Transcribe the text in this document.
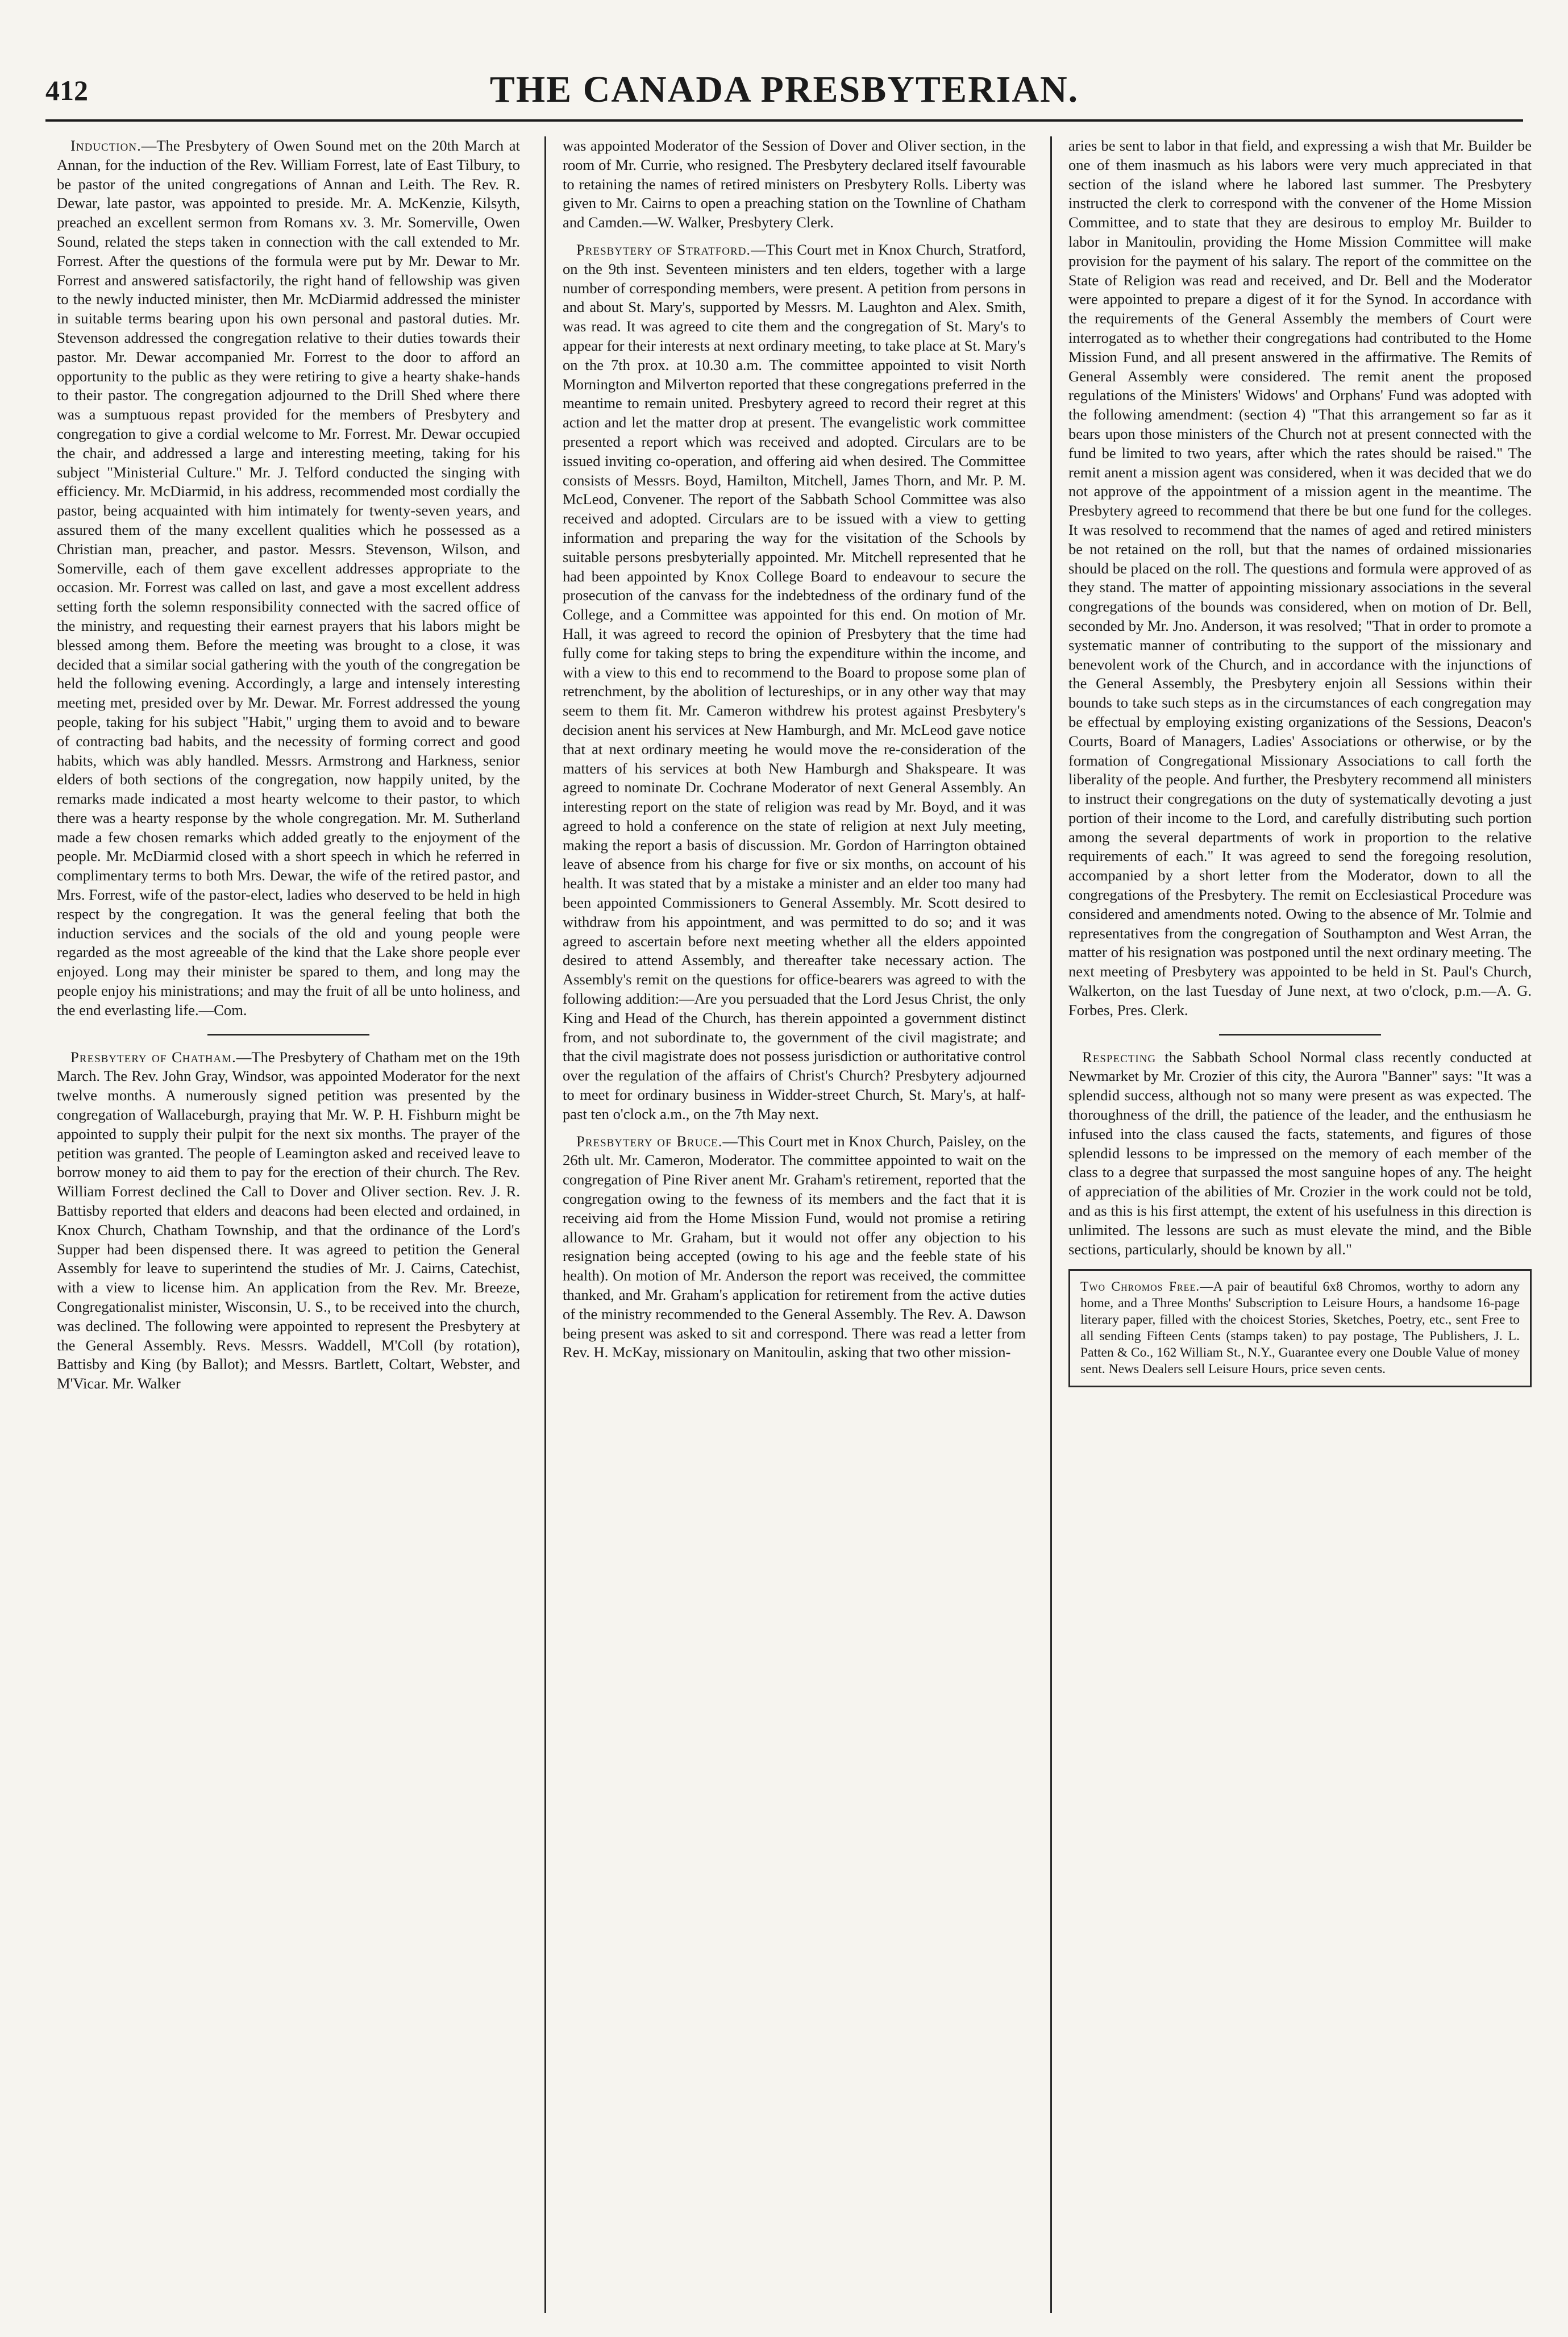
412	THE CANADA PRESBYTERIAN.

Induction.—The Presbytery of Owen Sound met on the 20th March at Annan, for the induction of the Rev. William Forrest, late of East Tilbury, to be pastor of the united congregations of Annan and Leith. The Rev. R. Dewar, late pastor, was appointed to preside. Mr. A. McKenzie, Kilsyth, preached an excellent sermon from Romans xv. 3. Mr. Somerville, Owen Sound, related the steps taken in connection with the call extended to Mr. Forrest. After the questions of the formula were put by Mr. Dewar to Mr. Forrest and answered satisfactorily, the right hand of fellowship was given to the newly inducted minister, then Mr. McDiarmid addressed the minister in suitable terms bearing upon his own personal and pastoral duties. Mr. Stevenson addressed the congregation relative to their duties towards their pastor. Mr. Dewar accompanied Mr. Forrest to the door to afford an opportunity to the public as they were retiring to give a hearty shake-hands to their pastor. The congregation adjourned to the Drill Shed where there was a sumptuous repast provided for the members of Presbytery and congregation to give a cordial welcome to Mr. Forrest. Mr. Dewar occupied the chair, and addressed a large and interesting meeting, taking for his subject "Ministerial Culture." Mr. J. Telford conducted the singing with efficiency. Mr. McDiarmid, in his address, recommended most cordially the pastor, being acquainted with him intimately for twenty-seven years, and assured them of the many excellent qualities which he possessed as a Christian man, preacher, and pastor. Messrs. Stevenson, Wilson, and Somerville, each of them gave excellent addresses appropriate to the occasion. Mr. Forrest was called on last, and gave a most excellent address setting forth the solemn responsibility connected with the sacred office of the ministry, and requesting their earnest prayers that his labors might be blessed among them. Before the meeting was brought to a close, it was decided that a similar social gathering with the youth of the congregation be held the following evening. Accordingly, a large and intensely interesting meeting met, presided over by Mr. Dewar. Mr. Forrest addressed the young people, taking for his subject "Habit," urging them to avoid and to beware of contracting bad habits, and the necessity of forming correct and good habits, which was ably handled. Messrs. Armstrong and Harkness, senior elders of both sections of the congregation, now happily united, by the remarks made indicated a most hearty welcome to their pastor, to which there was a hearty response by the whole congregation. Mr. M. Sutherland made a few chosen remarks which added greatly to the enjoyment of the people. Mr. McDiarmid closed with a short speech in which he referred in complimentary terms to both Mrs. Dewar, the wife of the retired pastor, and Mrs. Forrest, wife of the pastor-elect, ladies who deserved to be held in high respect by the congregation. It was the general feeling that both the induction services and the socials of the old and young people were regarded as the most agreeable of the kind that the Lake shore people ever enjoyed. Long may their minister be spared to them, and long may the people enjoy his ministrations; and may the fruit of all be unto holiness, and the end everlasting life.—Com.

Presbytery of Chatham.—The Presbytery of Chatham met on the 19th March. The Rev. John Gray, Windsor, was appointed Moderator for the next twelve months. A numerously signed petition was presented by the congregation of Wallaceburgh, praying that Mr. W. P. H. Fishburn might be appointed to supply their pulpit for the next six months. The prayer of the petition was granted. The people of Leamington asked and received leave to borrow money to aid them to pay for the erection of their church. The Rev. William Forrest declined the Call to Dover and Oliver section. Rev. J. R. Battisby reported that elders and deacons had been elected and ordained, in Knox Church, Chatham Township, and that the ordinance of the Lord's Supper had been dispensed there. It was agreed to petition the General Assembly for leave to superintend the studies of Mr. J. Cairns, Catechist, with a view to license him. An application from the Rev. Mr. Breeze, Congregationalist minister, Wisconsin, U. S., to be received into the church, was declined. The following were appointed to represent the Presbytery at the General Assembly. Revs. Messrs. Waddell, M'Coll (by rotation), Battisby and King (by Ballot); and Messrs. Bartlett, Coltart, Webster, and M'Vicar. Mr. Walker

was appointed Moderator of the Session of Dover and Oliver section, in the room of Mr. Currie, who resigned. The Presbytery declared itself favourable to retaining the names of retired ministers on Presbytery Rolls. Liberty was given to Mr. Cairns to open a preaching station on the Townline of Chatham and Camden.—W. Walker, Presbytery Clerk.

Presbytery of Stratford.—This Court met in Knox Church, Stratford, on the 9th inst. Seventeen ministers and ten elders, together with a large number of corresponding members, were present. A petition from persons in and about St. Mary's, supported by Messrs. M. Laughton and Alex. Smith, was read. It was agreed to cite them and the congregation of St. Mary's to appear for their interests at next ordinary meeting, to take place at St. Mary's on the 7th prox. at 10.30 a.m. The committee appointed to visit North Mornington and Milverton reported that these congregations preferred in the meantime to remain united. Presbytery agreed to record their regret at this action and let the matter drop at present. The evangelistic work committee presented a report which was received and adopted. Circulars are to be issued inviting co-operation, and offering aid when desired. The Committee consists of Messrs. Boyd, Hamilton, Mitchell, James Thorn, and Mr. P. M. McLeod, Convener. The report of the Sabbath School Committee was also received and adopted. Circulars are to be issued with a view to getting information and preparing the way for the visitation of the Schools by suitable persons presbyterially appointed. Mr. Mitchell represented that he had been appointed by Knox College Board to endeavour to secure the prosecution of the canvass for the indebtedness of the ordinary fund of the College, and a Committee was appointed for this end. On motion of Mr. Hall, it was agreed to record the opinion of Presbytery that the time had fully come for taking steps to bring the expenditure within the income, and with a view to this end to recommend to the Board to propose some plan of retrenchment, by the abolition of lectureships, or in any other way that may seem to them fit. Mr. Cameron withdrew his protest against Presbytery's decision anent his services at New Hamburgh, and Mr. McLeod gave notice that at next ordinary meeting he would move the re-consideration of the matters of his services at both New Hamburgh and Shakspeare. It was agreed to nominate Dr. Cochrane Moderator of next General Assembly. An interesting report on the state of religion was read by Mr. Boyd, and it was agreed to hold a conference on the state of religion at next July meeting, making the report a basis of discussion. Mr. Gordon of Harrington obtained leave of absence from his charge for five or six months, on account of his health. It was stated that by a mistake a minister and an elder too many had been appointed Commissioners to General Assembly. Mr. Scott desired to withdraw from his appointment, and was permitted to do so; and it was agreed to ascertain before next meeting whether all the elders appointed desired to attend Assembly, and thereafter take necessary action. The Assembly's remit on the questions for office-bearers was agreed to with the following addition:—Are you persuaded that the Lord Jesus Christ, the only King and Head of the Church, has therein appointed a government distinct from, and not subordinate to, the government of the civil magistrate; and that the civil magistrate does not possess jurisdiction or authoritative control over the regulation of the affairs of Christ's Church? Presbytery adjourned to meet for ordinary business in Widder-street Church, St. Mary's, at half-past ten o'clock a.m., on the 7th May next.

Presbytery of Bruce.—This Court met in Knox Church, Paisley, on the 26th ult. Mr. Cameron, Moderator. The committee appointed to wait on the congregation of Pine River anent Mr. Graham's retirement, reported that the congregation owing to the fewness of its members and the fact that it is receiving aid from the Home Mission Fund, would not promise a retiring allowance to Mr. Graham, but it would not offer any objection to his resignation being accepted (owing to his age and the feeble state of his health). On motion of Mr. Anderson the report was received, the committee thanked, and Mr. Graham's application for retirement from the active duties of the ministry recommended to the General Assembly. The Rev. A. Dawson being present was asked to sit and correspond. There was read a letter from Rev. H. McKay, missionary on Manitoulin, asking that two other mission-

aries be sent to labor in that field, and expressing a wish that Mr. Builder be one of them inasmuch as his labors were very much appreciated in that section of the island where he labored last summer. The Presbytery instructed the clerk to correspond with the convener of the Home Mission Committee, and to state that they are desirous to employ Mr. Builder to labor in Manitoulin, providing the Home Mission Committee will make provision for the payment of his salary. The report of the committee on the State of Religion was read and received, and Dr. Bell and the Moderator were appointed to prepare a digest of it for the Synod. In accordance with the requirements of the General Assembly the members of Court were interrogated as to whether their congregations had contributed to the Home Mission Fund, and all present answered in the affirmative. The Remits of General Assembly were considered. The remit anent the proposed regulations of the Ministers' Widows' and Orphans' Fund was adopted with the following amendment: (section 4) "That this arrangement so far as it bears upon those ministers of the Church not at present connected with the fund be limited to two years, after which the rates should be raised." The remit anent a mission agent was considered, when it was decided that we do not approve of the appointment of a mission agent in the meantime. The Presbytery agreed to recommend that there be but one fund for the colleges. It was resolved to recommend that the names of aged and retired ministers be not retained on the roll, but that the names of ordained missionaries should be placed on the roll. The questions and formula were approved of as they stand. The matter of appointing missionary associations in the several congregations of the bounds was considered, when on motion of Dr. Bell, seconded by Mr. Jno. Anderson, it was resolved; "That in order to promote a systematic manner of contributing to the support of the missionary and benevolent work of the Church, and in accordance with the injunctions of the General Assembly, the Presbytery enjoin all Sessions within their bounds to take such steps as in the circumstances of each congregation may be effectual by employing existing organizations of the Sessions, Deacon's Courts, Board of Managers, Ladies' Associations or otherwise, or by the formation of Congregational Missionary Associations to call forth the liberality of the people. And further, the Presbytery recommend all ministers to instruct their congregations on the duty of systematically devoting a just portion of their income to the Lord, and carefully distributing such portion among the several departments of work in proportion to the relative requirements of each." It was agreed to send the foregoing resolution, accompanied by a short letter from the Moderator, down to all the congregations of the Presbytery. The remit on Ecclesiastical Procedure was considered and amendments noted. Owing to the absence of Mr. Tolmie and representatives from the congregation of Southampton and West Arran, the matter of his resignation was postponed until the next ordinary meeting. The next meeting of Presbytery was appointed to be held in St. Paul's Church, Walkerton, on the last Tuesday of June next, at two o'clock, p.m.—A. G. Forbes, Pres. Clerk.

Respecting the Sabbath School Normal class recently conducted at Newmarket by Mr. Crozier of this city, the Aurora "Banner" says: "It was a splendid success, although not so many were present as was expected. The thoroughness of the drill, the patience of the leader, and the enthusiasm he infused into the class caused the facts, statements, and figures of those splendid lessons to be impressed on the memory of each member of the class to a degree that surpassed the most sanguine hopes of any. The height of appreciation of the abilities of Mr. Crozier in the work could not be told, and as this is his first attempt, the extent of his usefulness in this direction is unlimited. The lessons are such as must elevate the mind, and the Bible sections, particularly, should be known by all."

Two Chromos Free.—A pair of beautiful 6x8 Chromos, worthy to adorn any home, and a Three Months' Subscription to Leisure Hours, a handsome 16-page literary paper, filled with the choicest Stories, Sketches, Poetry, etc., sent Free to all sending Fifteen Cents (stamps taken) to pay postage, The Publishers, J. L. Patten & Co., 162 William St., N.Y., Guarantee every one Double Value of money sent. News Dealers sell Leisure Hours, price seven cents.
